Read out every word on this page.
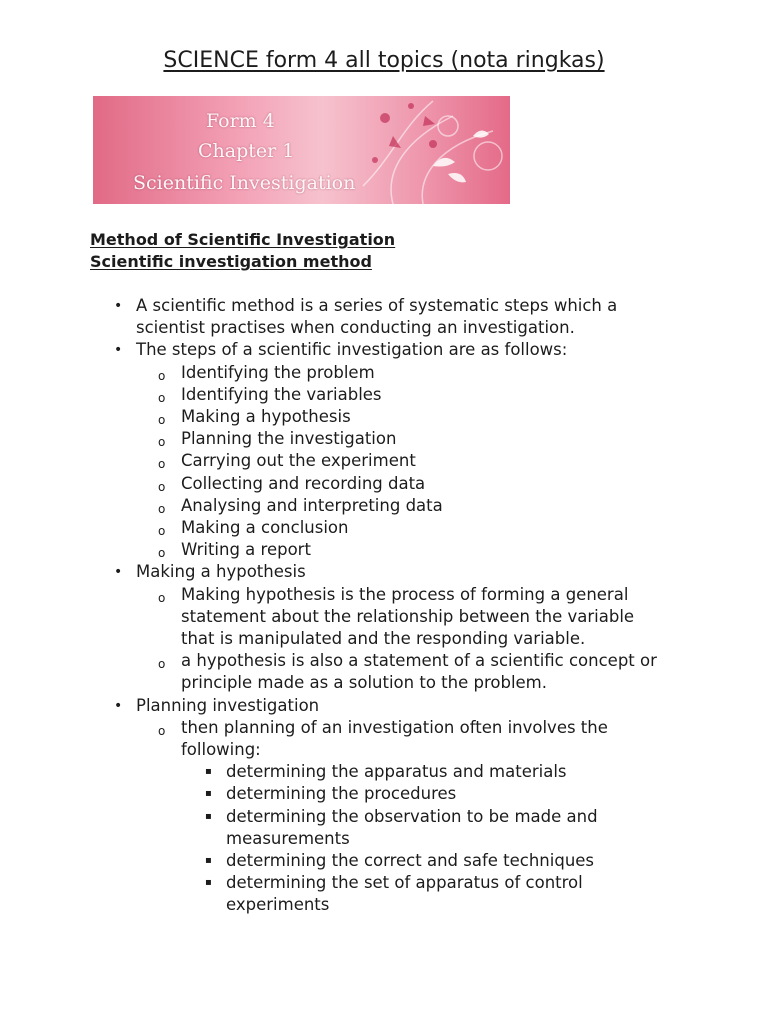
SCIENCE form 4 all topics (nota ringkas)
Form 4
Chapter 1
Scientific Investigation
Method of Scientific Investigation
Scientific investigation method
• A scientific method is a series of systematic steps which a
scientist practises when conducting an investigation.
• The steps of a scientific investigation are as follows:
o Identifying the problem
o Identifying the variables
o Making a hypothesis
o Planning the investigation
o Carrying out the experiment
o Collecting and recording data
o Analysing and interpreting data
o Making a conclusion
o Writing a report
• Making a hypothesis
o Making hypothesis is the process of forming a general
statement about the relationship between the variable
that is manipulated and the responding variable.
o a hypothesis is also a statement of a scientific concept or
principle made as a solution to the problem.
• Planning investigation
o then planning of an investigation often involves the
following:
▪ determining the apparatus and materials
▪ determining the procedures
▪ determining the observation to be made and
measurements
▪ determining the correct and safe techniques
▪ determining the set of apparatus of control
experiments
